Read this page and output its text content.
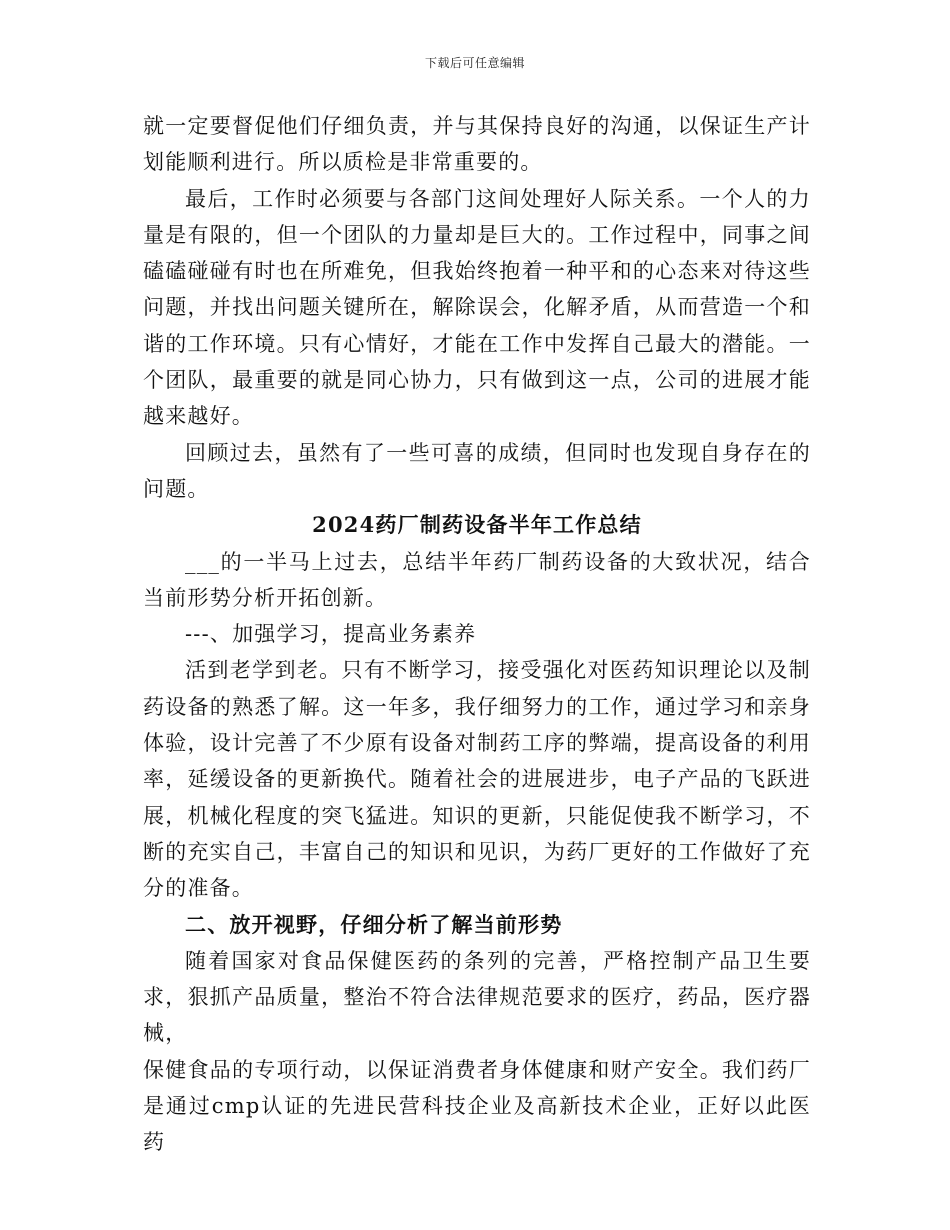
下载后可任意编辑

就一定要督促他们仔细负责，并与其保持良好的沟通，以保证生产计划能顺利进行。所以质检是非常重要的。

最后，工作时必须要与各部门这间处理好人际关系。一个人的力量是有限的，但一个团队的力量却是巨大的。工作过程中，同事之间磕磕碰碰有时也在所难免，但我始终抱着一种平和的心态来对待这些问题，并找出问题关键所在，解除误会，化解矛盾，从而营造一个和谐的工作环境。只有心情好，才能在工作中发挥自己最大的潜能。一个团队，最重要的就是同心协力，只有做到这一点，公司的进展才能越来越好。

回顾过去，虽然有了一些可喜的成绩，但同时也发现自身存在的问题。

2024药厂制药设备半年工作总结

___的一半马上过去，总结半年药厂制药设备的大致状况，结合当前形势分析开拓创新。

---、加强学习，提高业务素养

活到老学到老。只有不断学习，接受强化对医药知识理论以及制药设备的熟悉了解。这一年多，我仔细努力的工作，通过学习和亲身体验，设计完善了不少原有设备对制药工序的弊端，提高设备的利用率，延缓设备的更新换代。随着社会的进展进步，电子产品的飞跃进展，机械化程度的突飞猛进。知识的更新，只能促使我不断学习，不断的充实自己，丰富自己的知识和见识，为药厂更好的工作做好了充分的准备。

二、放开视野，仔细分析了解当前形势

随着国家对食品保健医药的条列的完善，严格控制产品卫生要求，狠抓产品质量，整治不符合法律规范要求的医疗，药品，医疗器械，

保健食品的专项行动，以保证消费者身体健康和财产安全。我们药厂是通过cmp认证的先进民营科技企业及高新技术企业，正好以此医药
